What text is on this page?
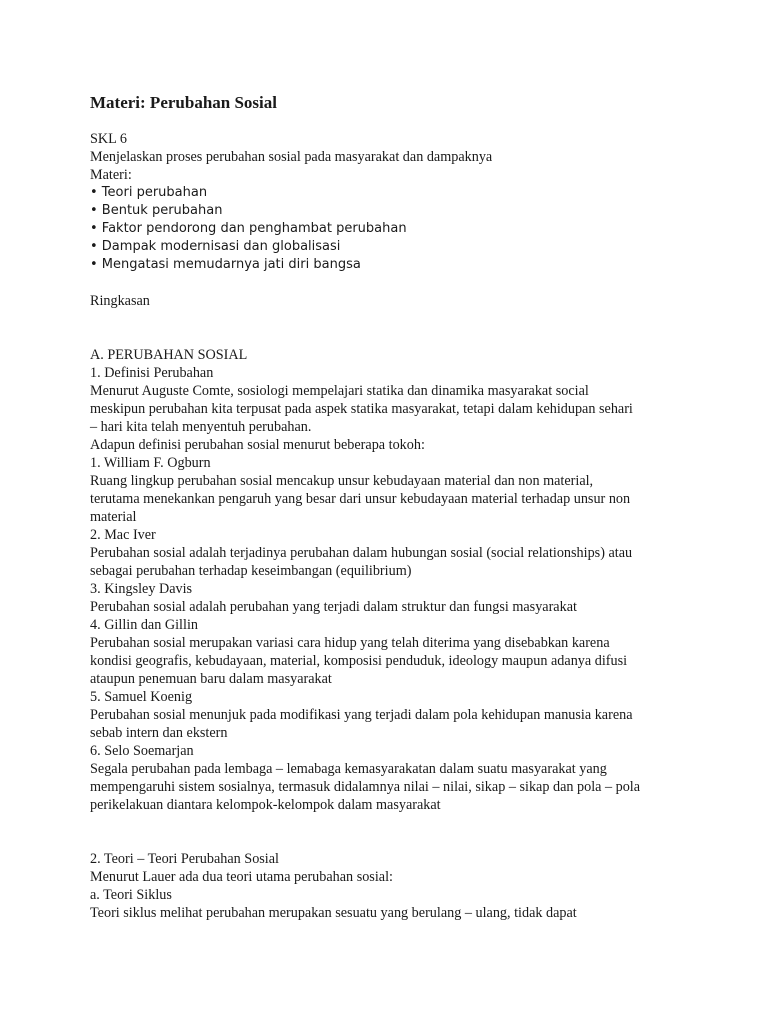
Materi: Perubahan Sosial
SKL 6
Menjelaskan proses perubahan sosial pada masyarakat dan dampaknya
Materi:
• Teori perubahan
• Bentuk perubahan
• Faktor pendorong dan penghambat perubahan
• Dampak modernisasi dan globalisasi
• Mengatasi memudarnya jati diri bangsa
Ringkasan
A. PERUBAHAN SOSIAL
1. Definisi Perubahan
Menurut Auguste Comte, sosiologi mempelajari statika dan dinamika masyarakat social
meskipun perubahan kita terpusat pada aspek statika masyarakat, tetapi dalam kehidupan sehari
– hari kita telah menyentuh perubahan.
Adapun definisi perubahan sosial menurut beberapa tokoh:
1. William F. Ogburn
Ruang lingkup perubahan sosial mencakup unsur kebudayaan material dan non material,
terutama menekankan pengaruh yang besar dari unsur kebudayaan material terhadap unsur non
material
2. Mac Iver
Perubahan sosial adalah terjadinya perubahan dalam hubungan sosial (social relationships) atau
sebagai perubahan terhadap keseimbangan (equilibrium)
3. Kingsley Davis
Perubahan sosial adalah perubahan yang terjadi dalam struktur dan fungsi masyarakat
4. Gillin dan Gillin
Perubahan sosial merupakan variasi cara hidup yang telah diterima yang disebabkan karena
kondisi geografis, kebudayaan, material, komposisi penduduk, ideology maupun adanya difusi
ataupun penemuan baru dalam masyarakat
5. Samuel Koenig
Perubahan sosial menunjuk pada modifikasi yang terjadi dalam pola kehidupan manusia karena
sebab intern dan ekstern
6. Selo Soemarjan
Segala perubahan pada lembaga – lemabaga kemasyarakatan dalam suatu masyarakat yang
mempengaruhi sistem sosialnya, termasuk didalamnya nilai – nilai, sikap – sikap dan pola – pola
perikelakuan diantara kelompok-kelompok dalam masyarakat
2. Teori – Teori Perubahan Sosial
Menurut Lauer ada dua teori utama perubahan sosial:
a. Teori Siklus
Teori siklus melihat perubahan merupakan sesuatu yang berulang – ulang, tidak dapat
